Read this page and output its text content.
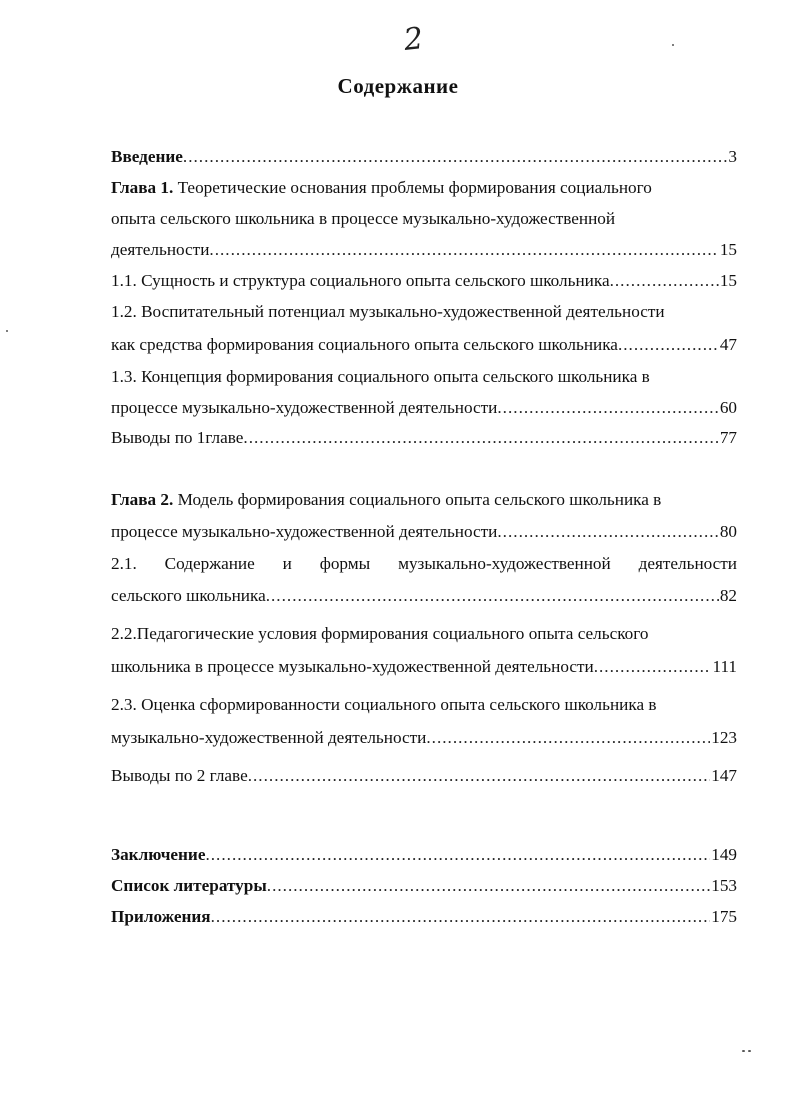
2
Содержание
Введение .....	3
Глава 1. Теоретические основания проблемы формирования социального
опыта сельского школьника в процессе музыкально-художественной
деятельности .....	15
1.1. Сущность и структура социального опыта сельского школьника .....	15
1.2. Воспитательный потенциал музыкально-художественной деятельности
как средства формирования социального опыта сельского школьника .....	47
1.3. Концепция формирования социального опыта сельского школьника в
процессе музыкально-художественной деятельности .....	60
Выводы по 1главе .....	77
Глава 2. Модель формирования социального опыта сельского школьника в
процессе музыкально-художественной деятельности .....	80
2.1. Содержание и формы музыкально-художественной деятельности
сельского школьника .....	82
2.2.Педагогические условия формирования социального опыта сельского
школьника в процессе музыкально-художественной деятельности .....	111
2.3. Оценка сформированности социального опыта сельского школьника в
музыкально-художественной деятельности .....	123
Выводы по 2 главе .....	147
Заключение .....	149
Список литературы .....	153
Приложения .....	175
